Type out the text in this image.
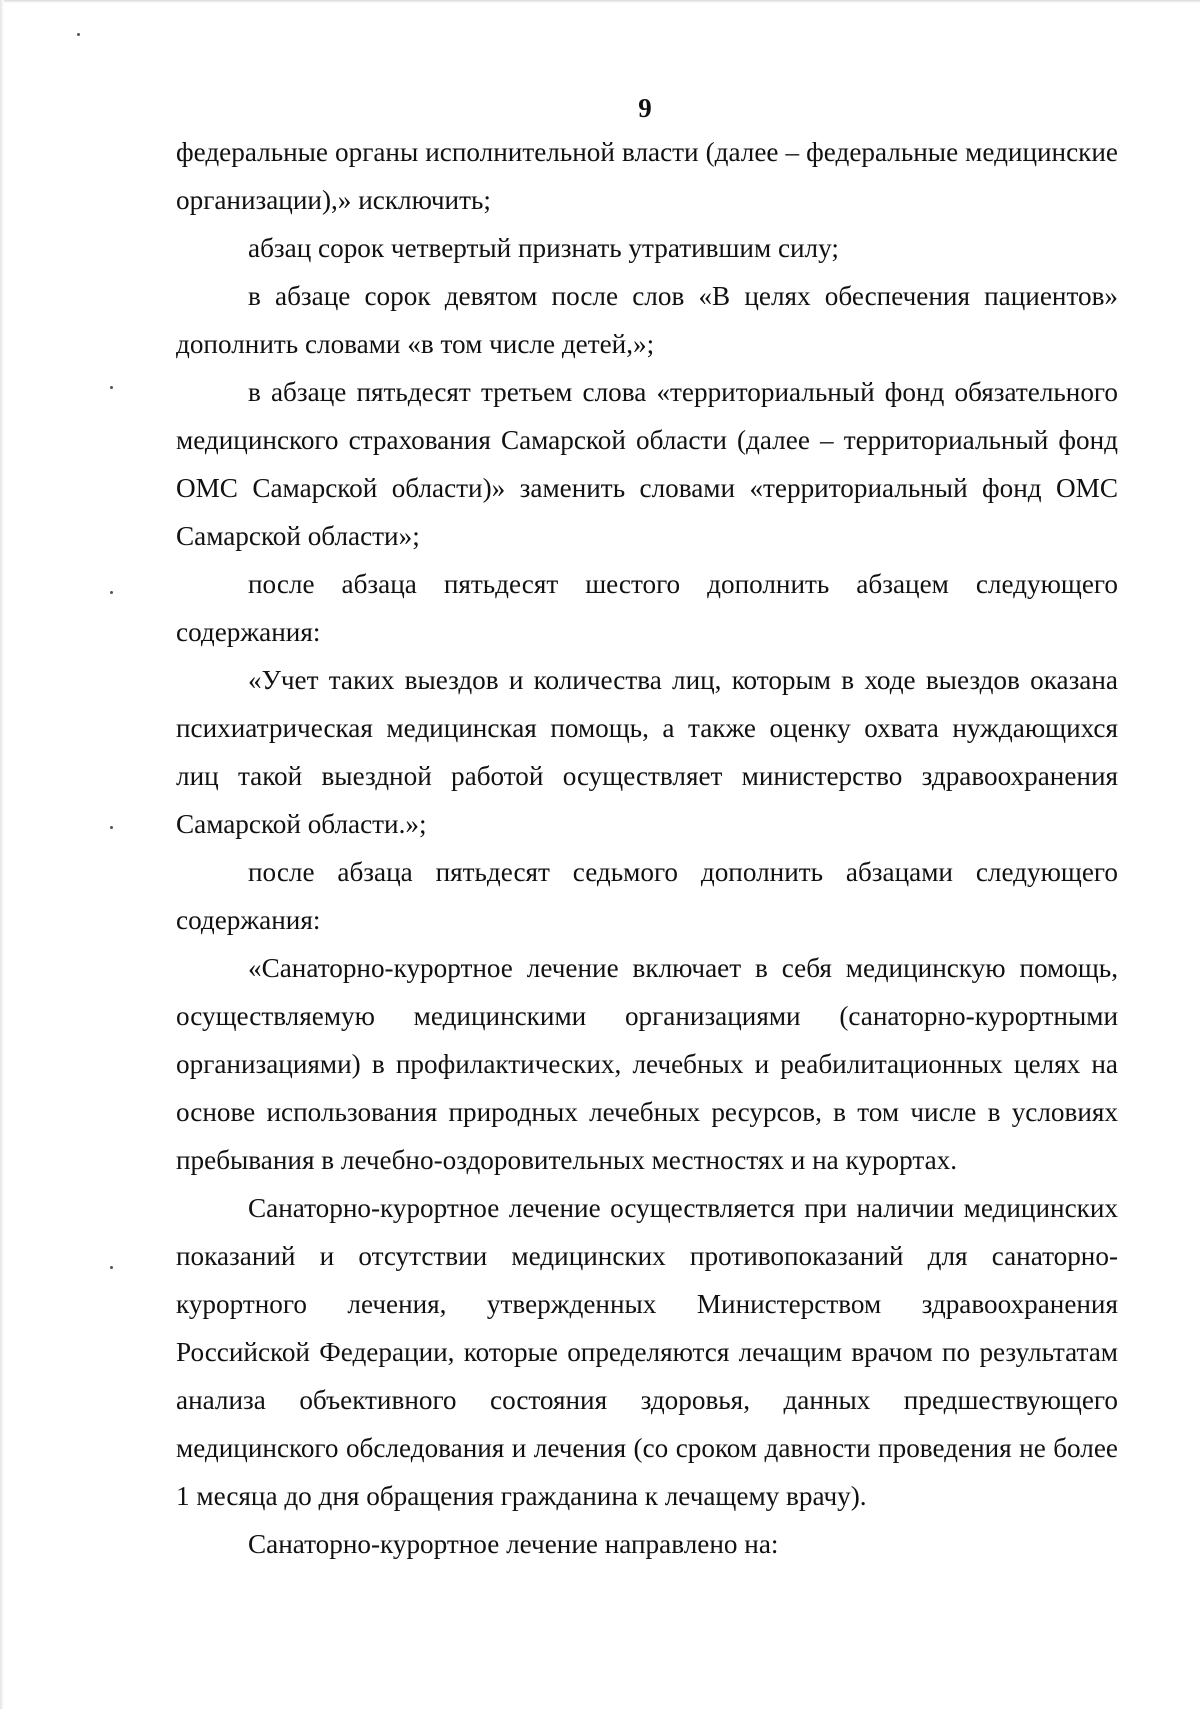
9

федеральные органы исполнительной власти (далее – федеральные медицинские организации),» исключить;

абзац сорок четвертый признать утратившим силу;

в абзаце сорок девятом после слов «В целях обеспечения пациентов» дополнить словами «в том числе детей,»;

в абзаце пятьдесят третьем слова «территориальный фонд обязательного медицинского страхования Самарской области (далее – территориальный фонд ОМС Самарской области)» заменить словами «территориальный фонд ОМС Самарской области»;

после абзаца пятьдесят шестого дополнить абзацем следующего содержания:

«Учет таких выездов и количества лиц, которым в ходе выездов оказана психиатрическая медицинская помощь, а также оценку охвата нуждающихся лиц такой выездной работой осуществляет министерство здравоохранения Самарской области.»;

после абзаца пятьдесят седьмого дополнить абзацами следующего содержания:

«Санаторно-курортное лечение включает в себя медицинскую помощь, осуществляемую медицинскими организациями (санаторно-курортными организациями) в профилактических, лечебных и реабилитационных целях на основе использования природных лечебных ресурсов, в том числе в условиях пребывания в лечебно-оздоровительных местностях и на курортах.

Санаторно-курортное лечение осуществляется при наличии медицинских показаний и отсутствии медицинских противопоказаний для санаторно-курортного лечения, утвержденных Министерством здравоохранения Российской Федерации, которые определяются лечащим врачом по результатам анализа объективного состояния здоровья, данных предшествующего медицинского обследования и лечения (со сроком давности проведения не более 1 месяца до дня обращения гражданина к лечащему врачу).

Санаторно-курортное лечение направлено на:
